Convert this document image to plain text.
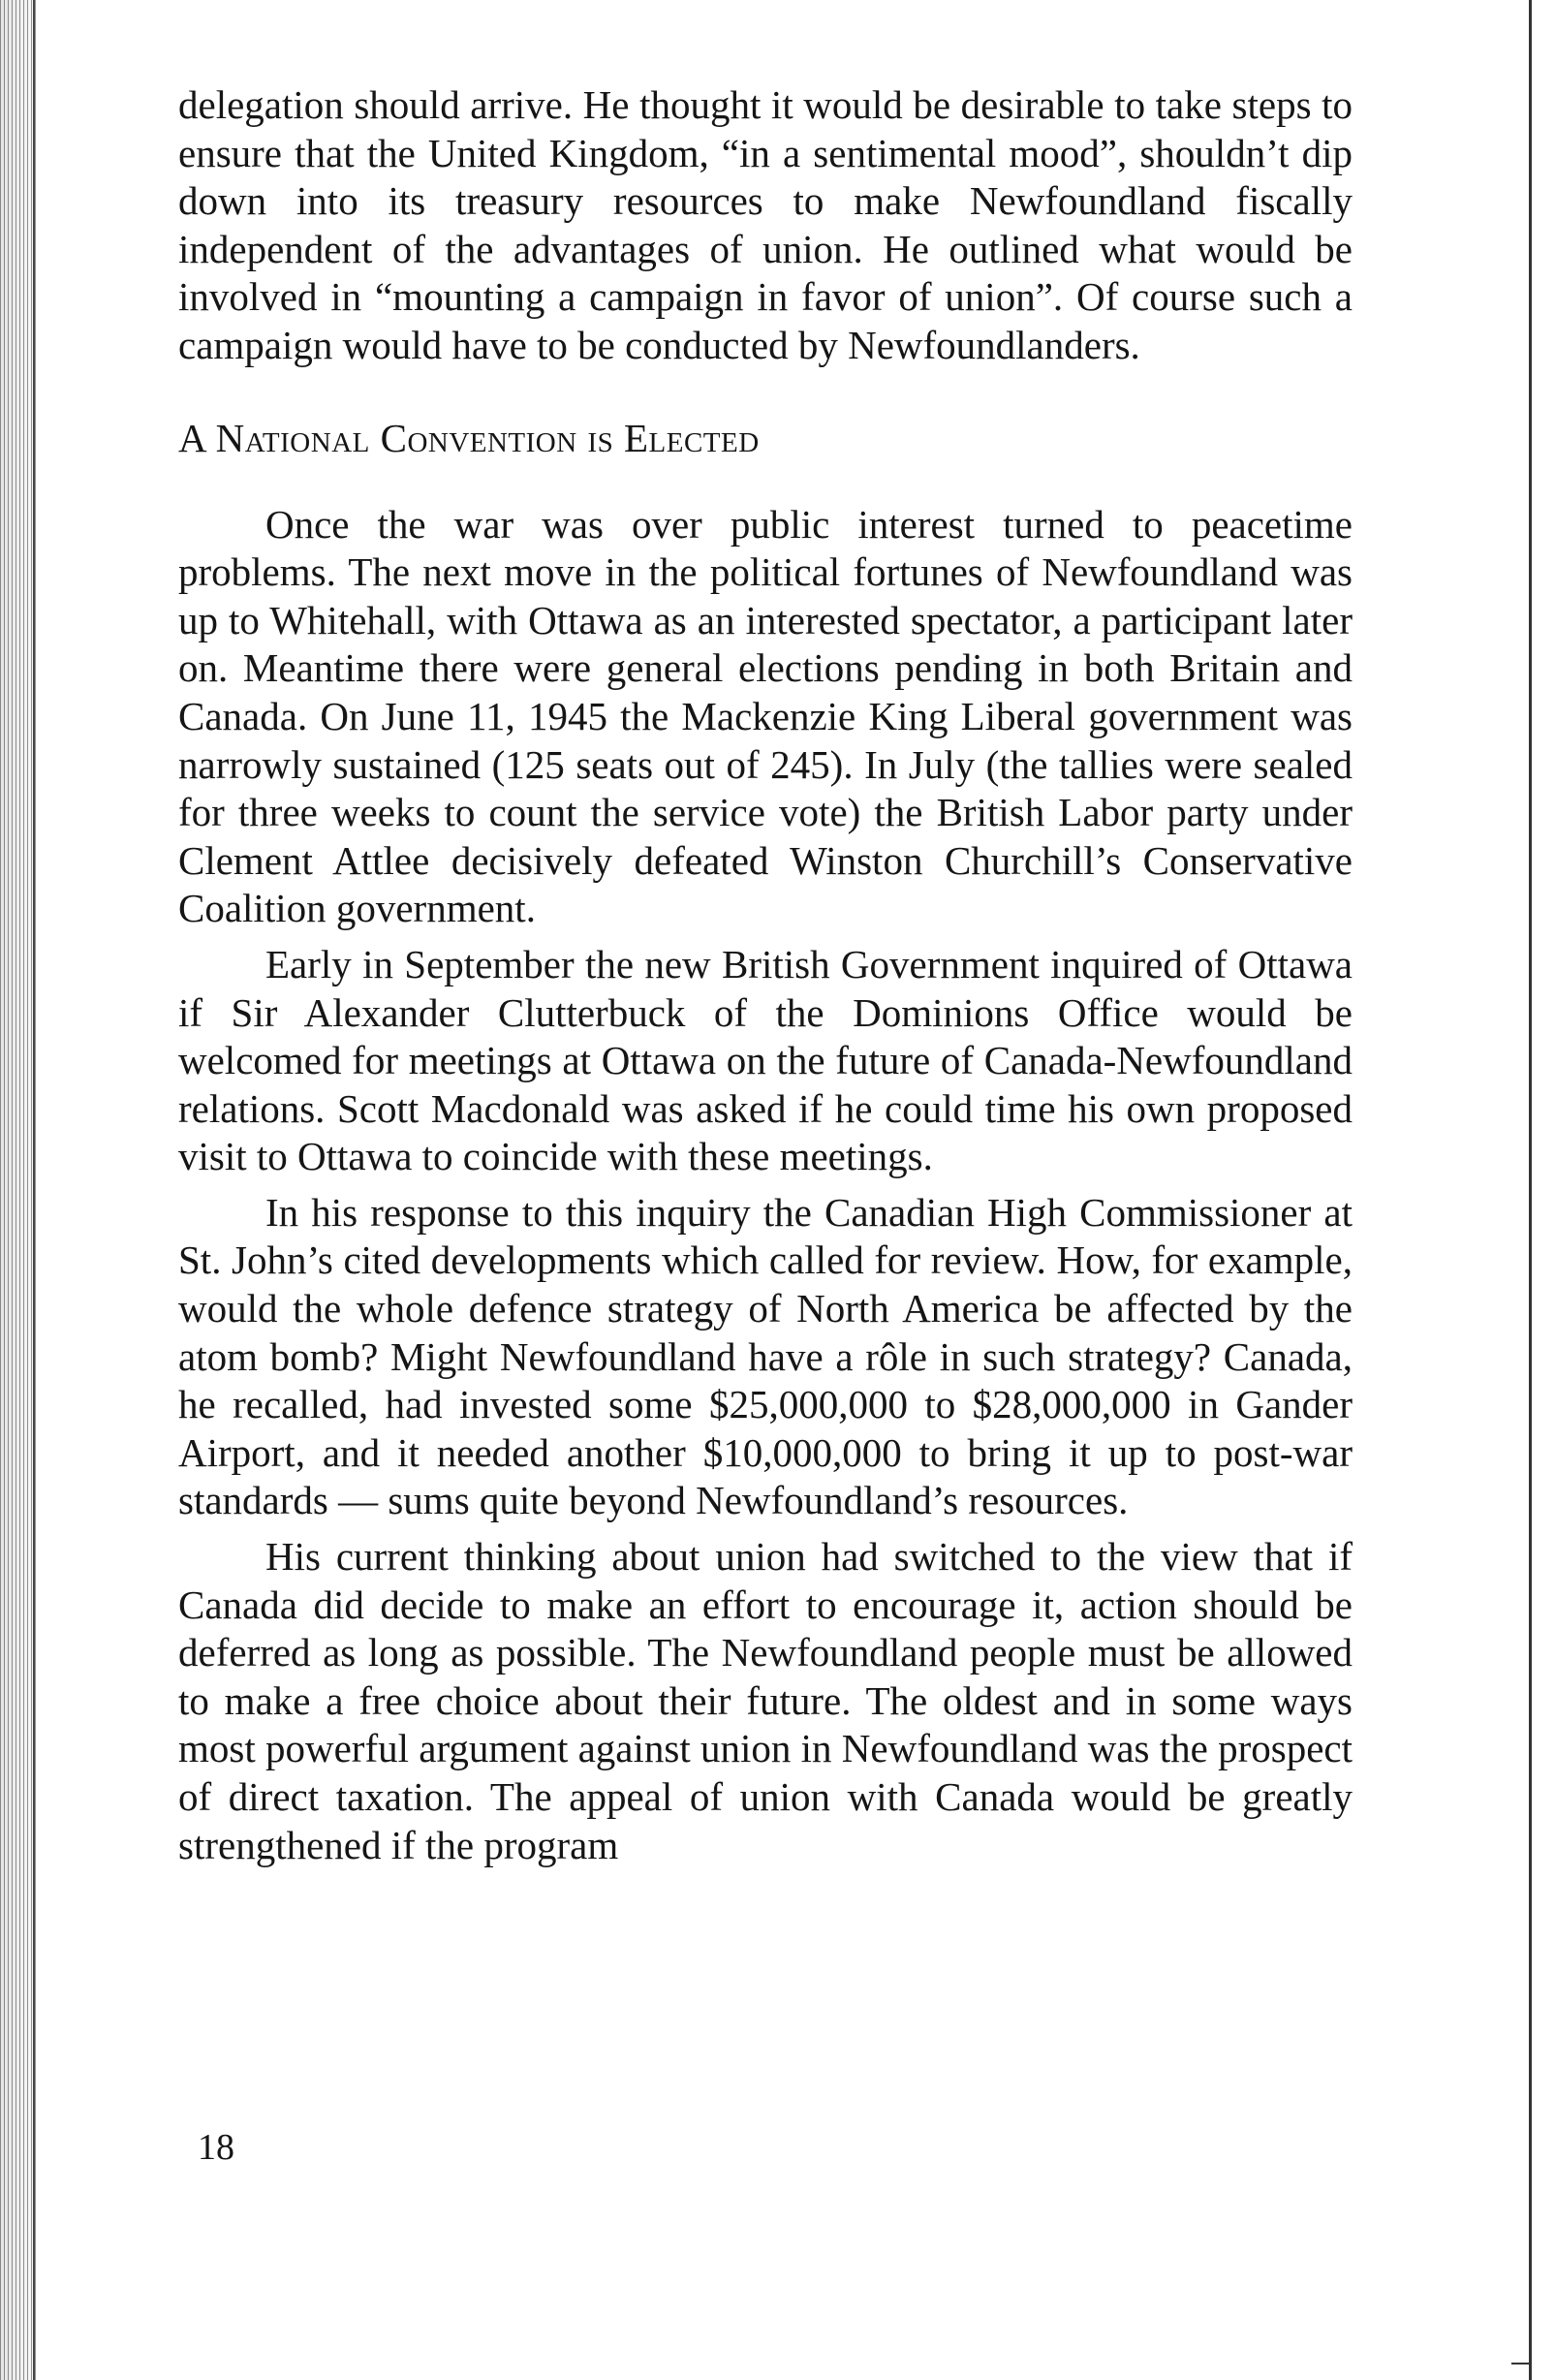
delegation should arrive. He thought it would be desirable to take steps to ensure that the United Kingdom, “in a sentimental mood”, shouldn’t dip down into its treasury resources to make Newfoundland fiscally independent of the advantages of union. He outlined what would be involved in “mounting a campaign in favor of union”. Of course such a campaign would have to be conducted by Newfoundlanders.

A National Convention is Elected

Once the war was over public interest turned to peacetime problems. The next move in the political fortunes of Newfoundland was up to Whitehall, with Ottawa as an interested spectator, a participant later on. Meantime there were general elections pending in both Britain and Canada. On June 11, 1945 the Mackenzie King Liberal government was narrowly sustained (125 seats out of 245). In July (the tallies were sealed for three weeks to count the service vote) the British Labor party under Clement Attlee decisively defeated Winston Churchill’s Conservative Coalition government.

Early in September the new British Government inquired of Ottawa if Sir Alexander Clutterbuck of the Dominions Office would be welcomed for meetings at Ottawa on the future of Canada-Newfoundland relations. Scott Macdonald was asked if he could time his own proposed visit to Ottawa to coincide with these meetings.

In his response to this inquiry the Canadian High Commissioner at St. John’s cited developments which called for review. How, for example, would the whole defence strategy of North America be affected by the atom bomb? Might Newfoundland have a rôle in such strategy? Canada, he recalled, had invested some $25,000,000 to $28,000,000 in Gander Airport, and it needed another $10,000,000 to bring it up to post-war standards — sums quite beyond Newfoundland’s resources.

His current thinking about union had switched to the view that if Canada did decide to make an effort to encourage it, action should be deferred as long as possible. The Newfoundland people must be allowed to make a free choice about their future. The oldest and in some ways most powerful argument against union in Newfoundland was the prospect of direct taxation. The appeal of union with Canada would be greatly strengthened if the program

18
